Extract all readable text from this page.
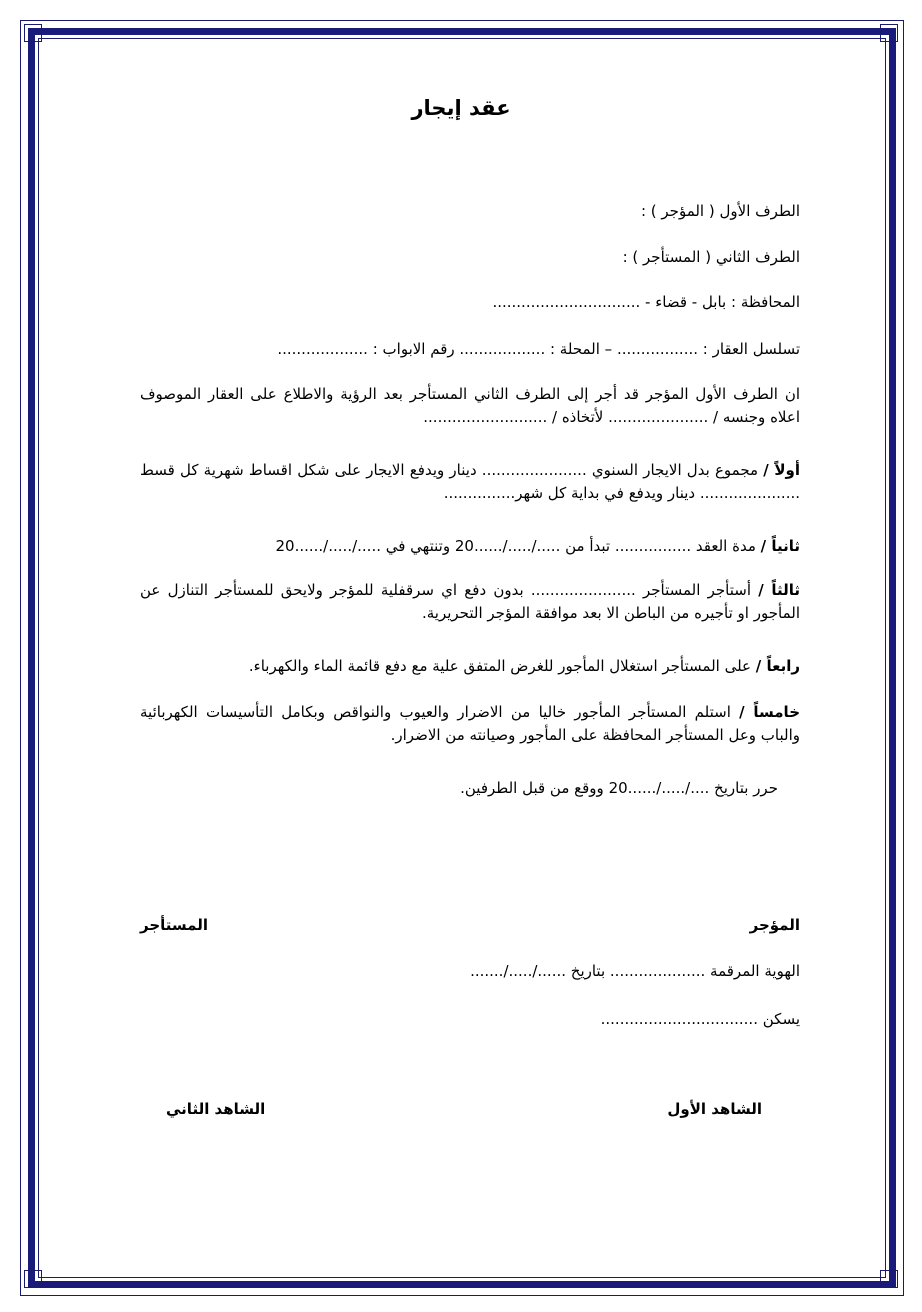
عقد إيجار
الطرف الأول ( المؤجر ) :
الطرف الثاني ( المستأجر ) :
المحافظة : بابل - قضاء - ...............................
تسلسل العقار : ................. – المحلة : .................. رقم الابواب : ...................
ان الطرف الأول المؤجر قد أجر إلى الطرف الثاني المستأجر بعد الرؤية والاطلاع على العقار الموصوف اعلاه وجنسه / ..................... لأتخاذه / ..........................
أولاً / مجموع بدل الايجار السنوي ...................... دينار ويدفع الايجار على شكل اقساط شهرية كل قسط ..................... دينار ويدفع في بداية كل شهر...............
ثانياً / مدة العقد ................ تبدأ من ...../...../......20 وتنتهي في ...../...../......20
ثالثاً / أستأجر المستأجر ...................... بدون دفع اي سرقفلية للمؤجر ولايحق للمستأجر التنازل عن المأجور او تأجيره من الباطن الا بعد موافقة المؤجر التحريرية.
رابعاً / على المستأجر استغلال المأجور للغرض المتفق علية مع دفع قائمة الماء والكهرباء.
خامساً / استلم المستأجر المأجور خاليا من الاضرار والعيوب والنواقص وبكامل التأسيسات الكهربائية والباب وعل المستأجر المحافظة على المأجور وصيانته من الاضرار.
حرر بتاريخ ..../...../......20 ووقع من قبل الطرفين.
المؤجر
المستأجر
الهوية المرقمة .................... بتاريخ ....../...../.......
يسكن .................................
الشاهد الأول
الشاهد الثاني
